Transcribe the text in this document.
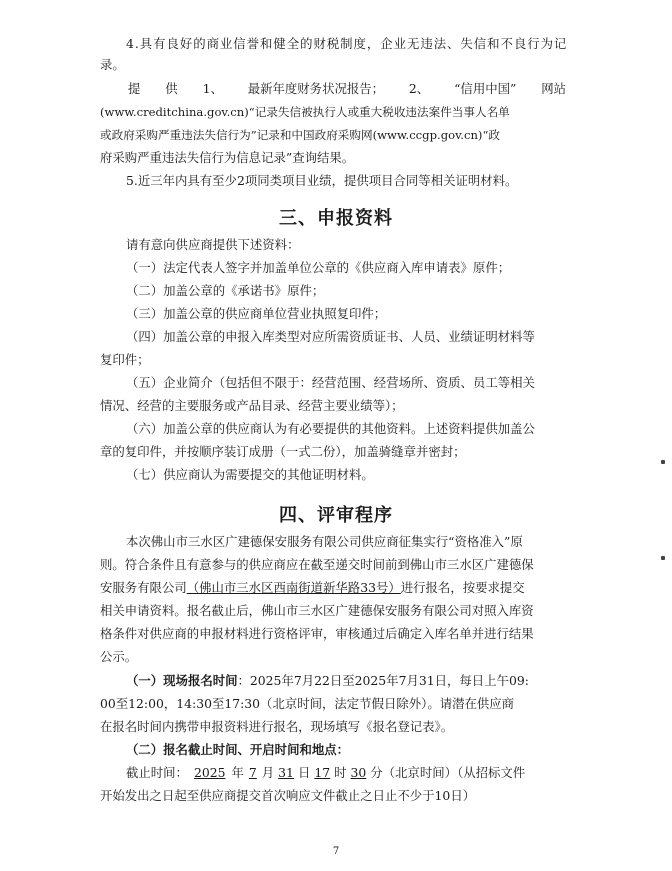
4.具有良好的商业信誉和健全的财税制度，企业无违法、失信和不良行为记
录。
提 供 1、 最新年度财务状况报告； 2、 “信用中国” 网站
(www.creditchina.gov.cn)“记录失信被执行人或重大税收违法案件当事人名单
或政府采购严重违法失信行为”记录和中国政府采购网(www.ccgp.gov.cn)“政
府采购严重违法失信行为信息记录”查询结果。
5.近三年内具有至少2项同类项目业绩，提供项目合同等相关证明材料。
三、申报资料
请有意向供应商提供下述资料：
（一）法定代表人签字并加盖单位公章的《供应商入库申请表》原件；
（二）加盖公章的《承诺书》原件；
（三）加盖公章的供应商单位营业执照复印件；
（四）加盖公章的申报入库类型对应所需资质证书、人员、业绩证明材料等
复印件；
（五）企业简介（包括但不限于：经营范围、经营场所、资质、员工等相关
情况、经营的主要服务或产品目录、经营主要业绩等）；
（六）加盖公章的供应商认为有必要提供的其他资料。上述资料提供加盖公
章的复印件，并按顺序装订成册（一式二份），加盖骑缝章并密封；
（七）供应商认为需要提交的其他证明材料。
四、评审程序
本次佛山市三水区广建德保安服务有限公司供应商征集实行“资格准入”原
则。符合条件且有意参与的供应商应在截至递交时间前到佛山市三水区广建德保
安服务有限公司（佛山市三水区西南街道新华路33号）进行报名，按要求提交
相关申请资料。报名截止后，佛山市三水区广建德保安服务有限公司对照入库资
格条件对供应商的申报材料进行资格评审，审核通过后确定入库名单并进行结果
公示。
（一）现场报名时间：2025年7月22日至2025年7月31日，每日上午09:
00至12:00，14:30至17:30（北京时间，法定节假日除外）。请潜在供应商
在报名时间内携带申报资料进行报名，现场填写《报名登记表》。
（二）报名截止时间、开启时间和地点：
截止时间： 2025 年 7 月 31 日 17 时 30 分（北京时间）（从招标文件
开始发出之日起至供应商提交首次响应文件截止之日止不少于10日）
7
